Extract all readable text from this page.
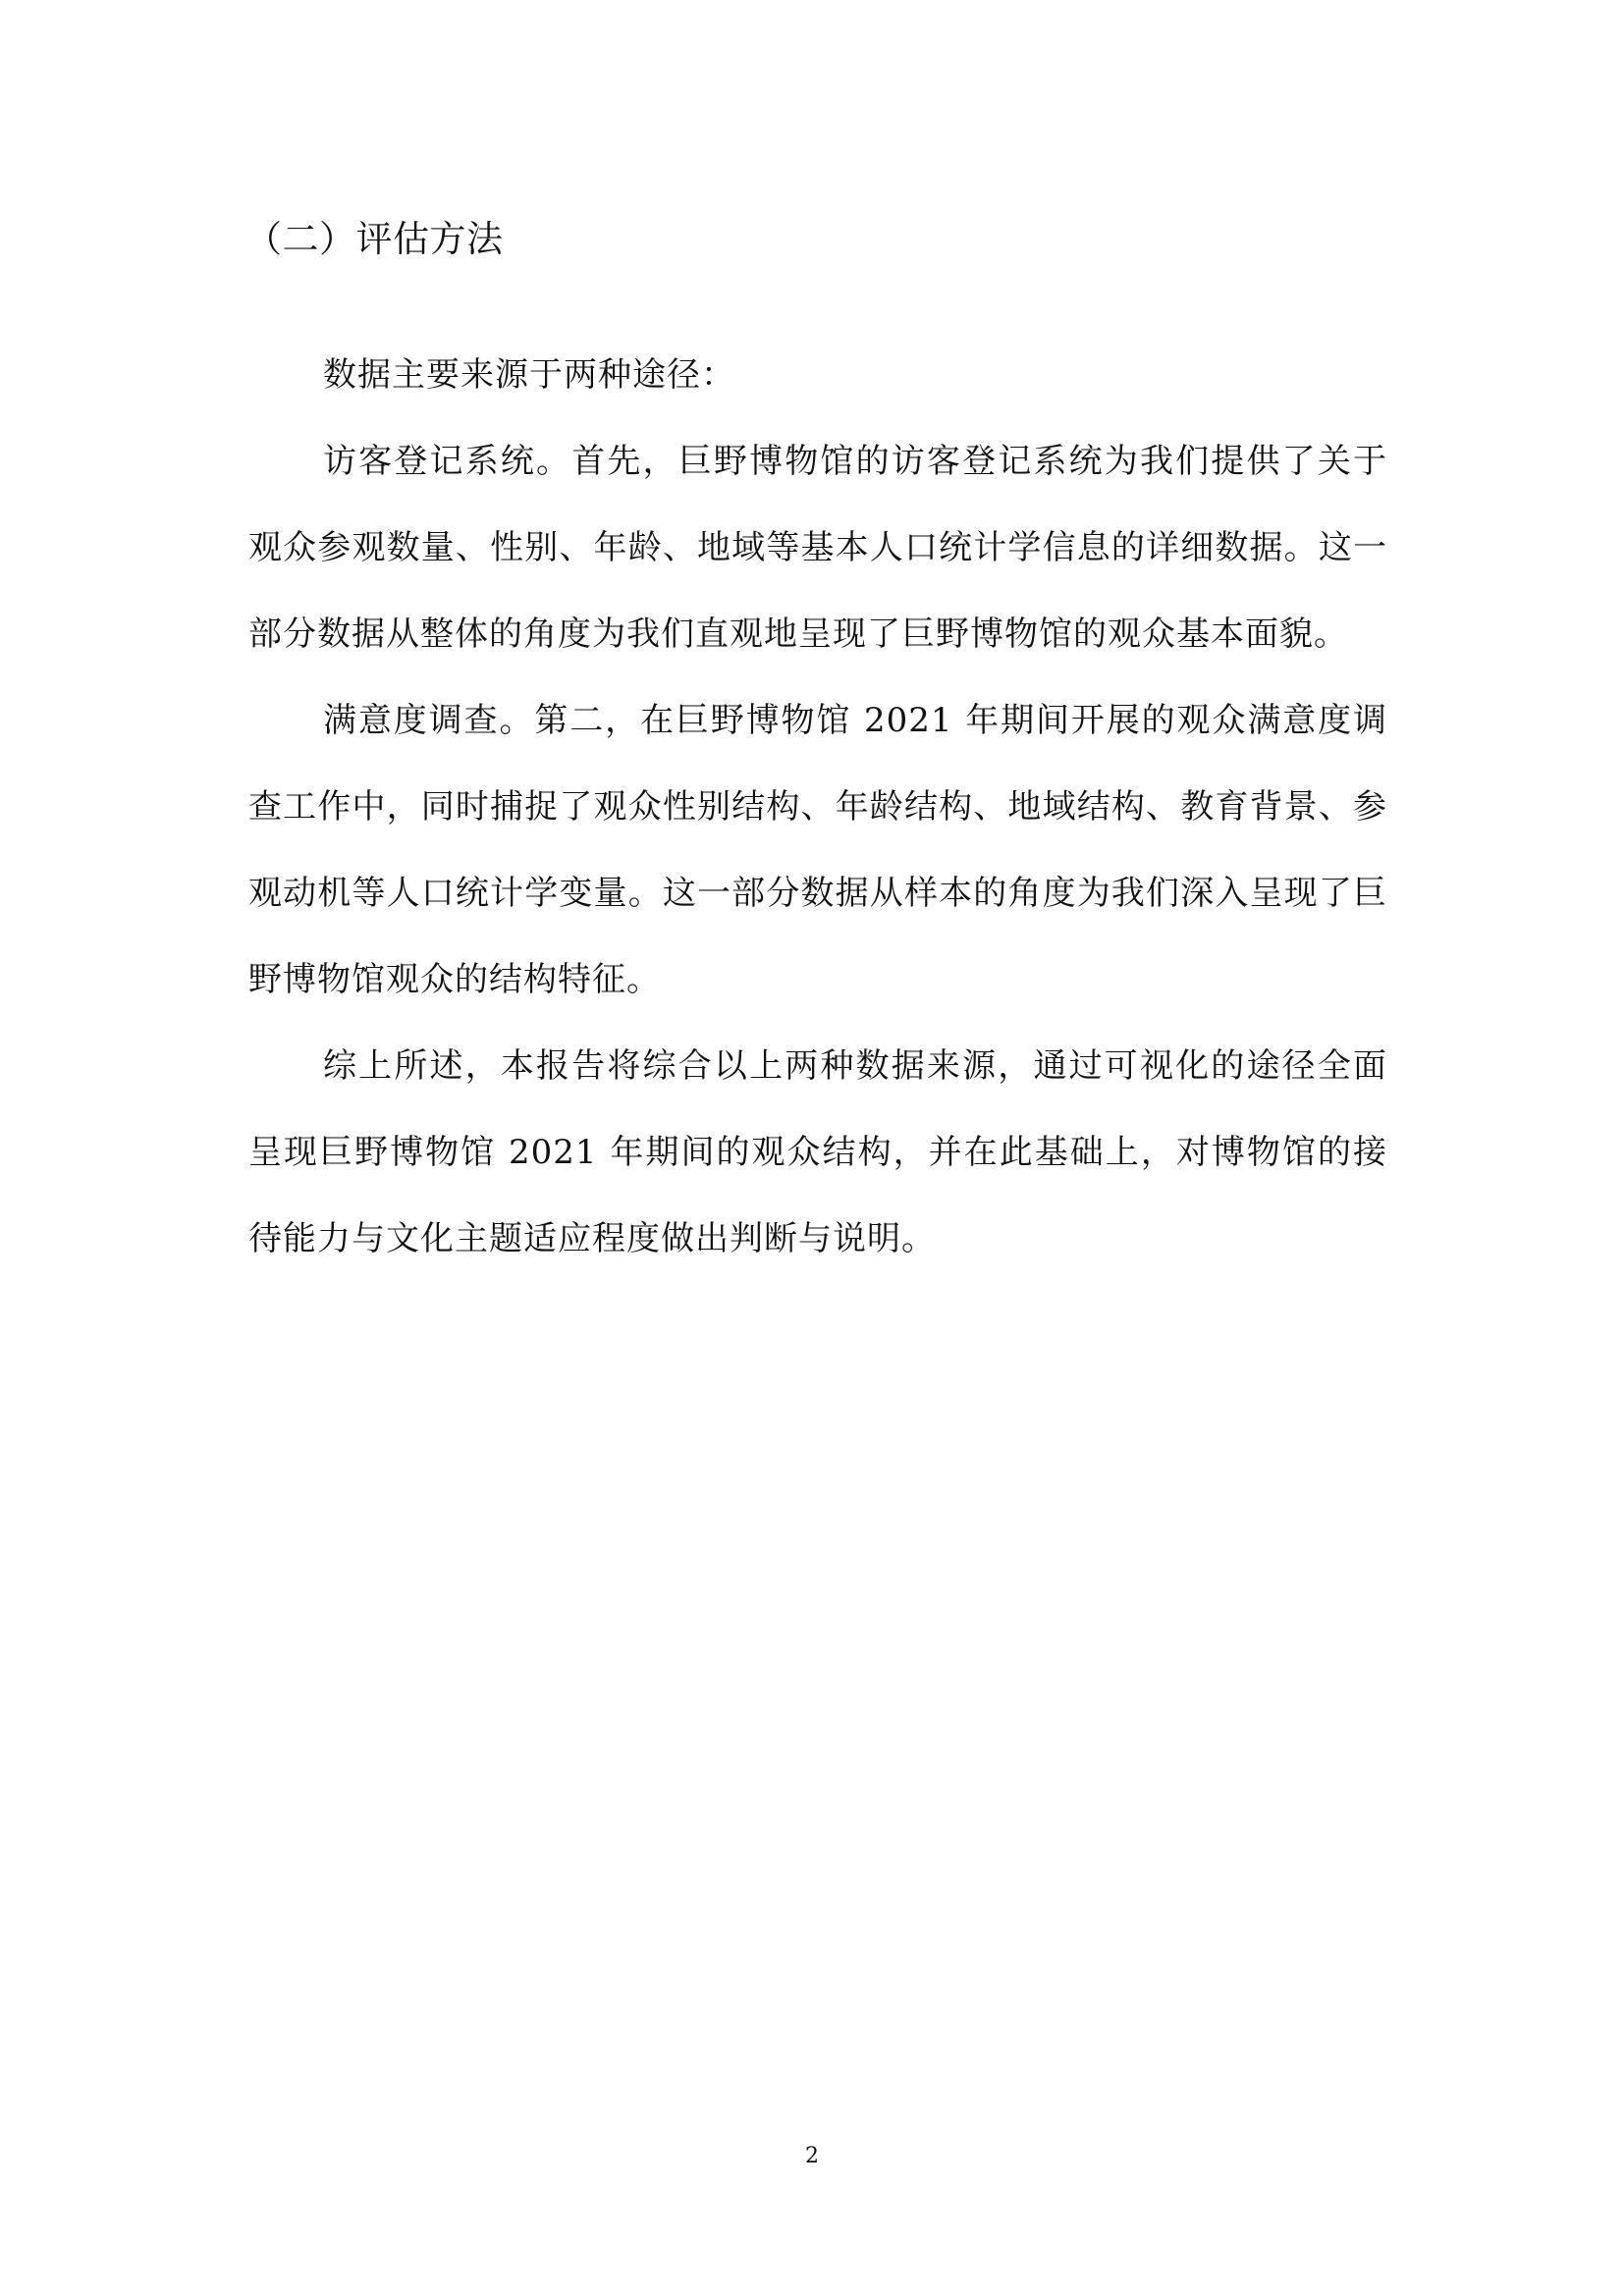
（二）评估方法

数据主要来源于两种途径：

访客登记系统。首先，巨野博物馆的访客登记系统为我们提供了关于观众参观数量、性别、年龄、地域等基本人口统计学信息的详细数据。这一部分数据从整体的角度为我们直观地呈现了巨野博物馆的观众基本面貌。

满意度调查。第二，在巨野博物馆 2021 年期间开展的观众满意度调查工作中，同时捕捉了观众性别结构、年龄结构、地域结构、教育背景、参观动机等人口统计学变量。这一部分数据从样本的角度为我们深入呈现了巨野博物馆观众的结构特征。

综上所述，本报告将综合以上两种数据来源，通过可视化的途径全面呈现巨野博物馆 2021 年期间的观众结构，并在此基础上，对博物馆的接待能力与文化主题适应程度做出判断与说明。

2
